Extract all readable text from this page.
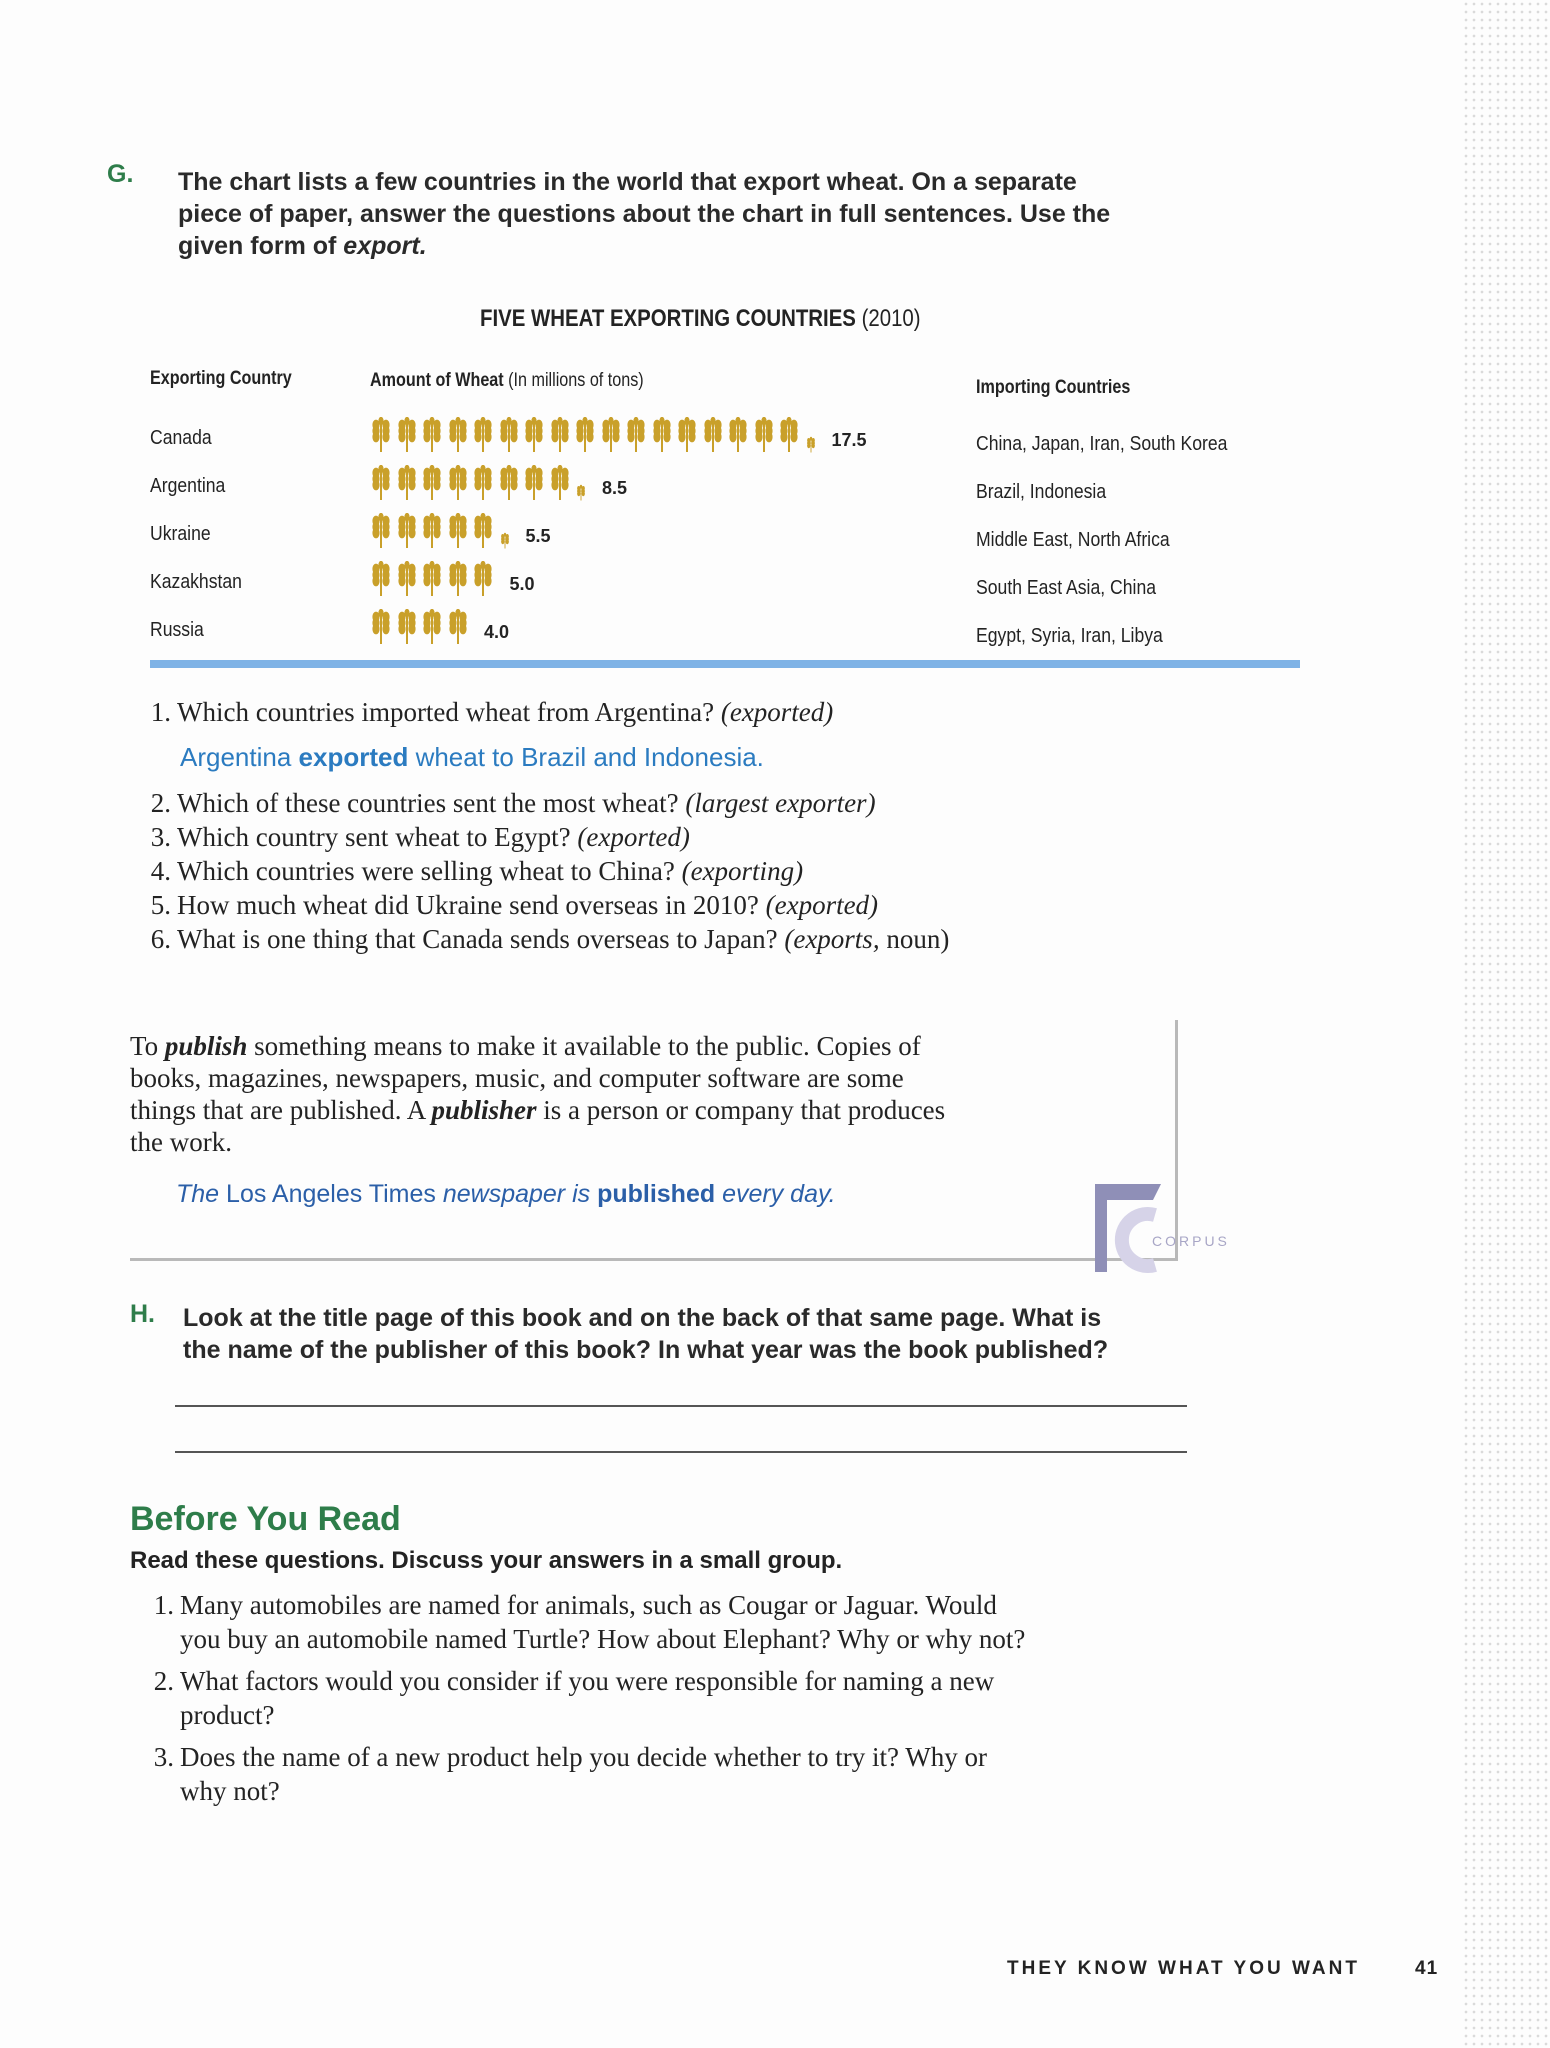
G. The chart lists a few countries in the world that export wheat. On a separate
piece of paper, answer the questions about the chart in full sentences. Use the
given form of export.
FIVE WHEAT EXPORTING COUNTRIES (2010)
Exporting Country	Amount of Wheat (In millions of tons)	Importing Countries
Canada	17.5	China, Japan, Iran, South Korea
Argentina	8.5	Brazil, Indonesia
Ukraine	5.5	Middle East, North Africa
Kazakhstan	5.0	South East Asia, China
Russia	4.0	Egypt, Syria, Iran, Libya
1. Which countries imported wheat from Argentina? (exported)
Argentina exported wheat to Brazil and Indonesia.
2. Which of these countries sent the most wheat? (largest exporter)
3. Which country sent wheat to Egypt? (exported)
4. Which countries were selling wheat to China? (exporting)
5. How much wheat did Ukraine send overseas in 2010? (exported)
6. What is one thing that Canada sends overseas to Japan? (exports, noun)
To publish something means to make it available to the public. Copies of
books, magazines, newspapers, music, and computer software are some
things that are published. A publisher is a person or company that produces
the work.
The Los Angeles Times newspaper is published every day.
CORPUS
H. Look at the title page of this book and on the back of that same page. What is
the name of the publisher of this book? In what year was the book published?
Before You Read
Read these questions. Discuss your answers in a small group.
1. Many automobiles are named for animals, such as Cougar or Jaguar. Would
you buy an automobile named Turtle? How about Elephant? Why or why not?
2. What factors would you consider if you were responsible for naming a new
product?
3. Does the name of a new product help you decide whether to try it? Why or
why not?
THEY KNOW WHAT YOU WANT	41
